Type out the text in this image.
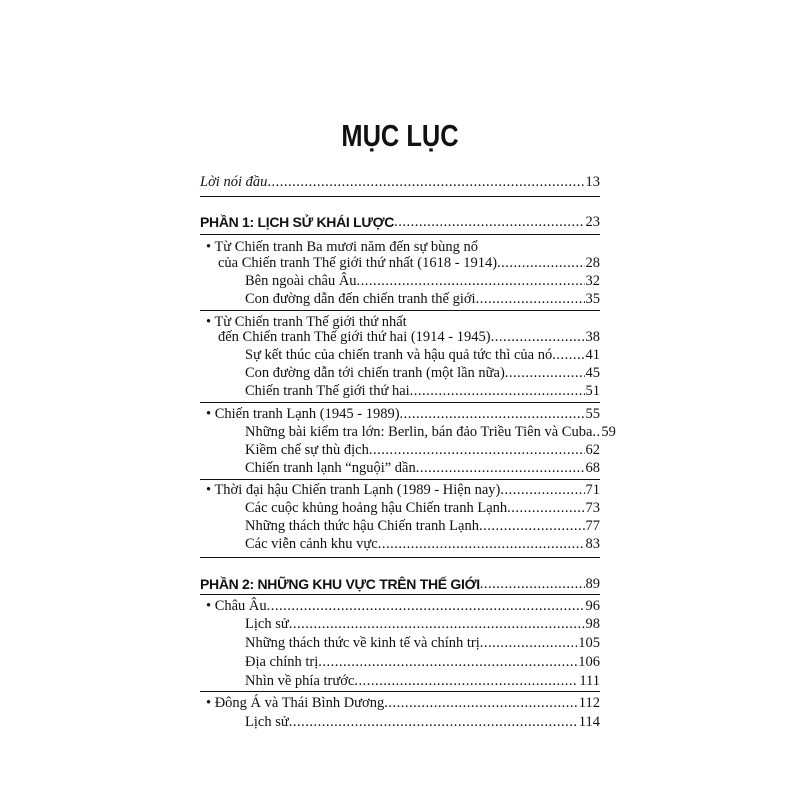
MỤC LỤC
Lời nói đầu .....	13
PHẦN 1: LỊCH SỬ KHÁI LƯỢC .....	23
• Từ Chiến tranh Ba mươi năm đến sự bùng nổ
của Chiến tranh Thế giới thứ nhất (1618 - 1914) .....	28
Bên ngoài châu Âu .....	32
Con đường dẫn đến chiến tranh thế giới .....	35
• Từ Chiến tranh Thế giới thứ nhất
đến Chiến tranh Thế giới thứ hai (1914 - 1945) .....	38
Sự kết thúc của chiến tranh và hậu quả tức thì của nó ..... 41
Con đường dẫn tới chiến tranh (một lần nữa) .....	45
Chiến tranh Thế giới thứ hai .....	51
• Chiến tranh Lạnh (1945 - 1989) .....	55
Những bài kiểm tra lớn: Berlin, bán đảo Triều Tiên và Cuba ..... 59
Kiềm chế sự thù địch .....	62
Chiến tranh lạnh “nguội” dần .....	68
• Thời đại hậu Chiến tranh Lạnh (1989 - Hiện nay) .....	71
Các cuộc khủng hoảng hậu Chiến tranh Lạnh .....	73
Những thách thức hậu Chiến tranh Lạnh .....	77
Các viễn cảnh khu vực .....	83
PHẦN 2: NHỮNG KHU VỰC TRÊN THẾ GIỚI .....	89
• Châu Âu .....	96
Lịch sử .....	98
Những thách thức về kinh tế và chính trị .....	105
Địa chính trị .....	106
Nhìn về phía trước .....	111
• Đông Á và Thái Bình Dương .....	112
Lịch sử .....	114
